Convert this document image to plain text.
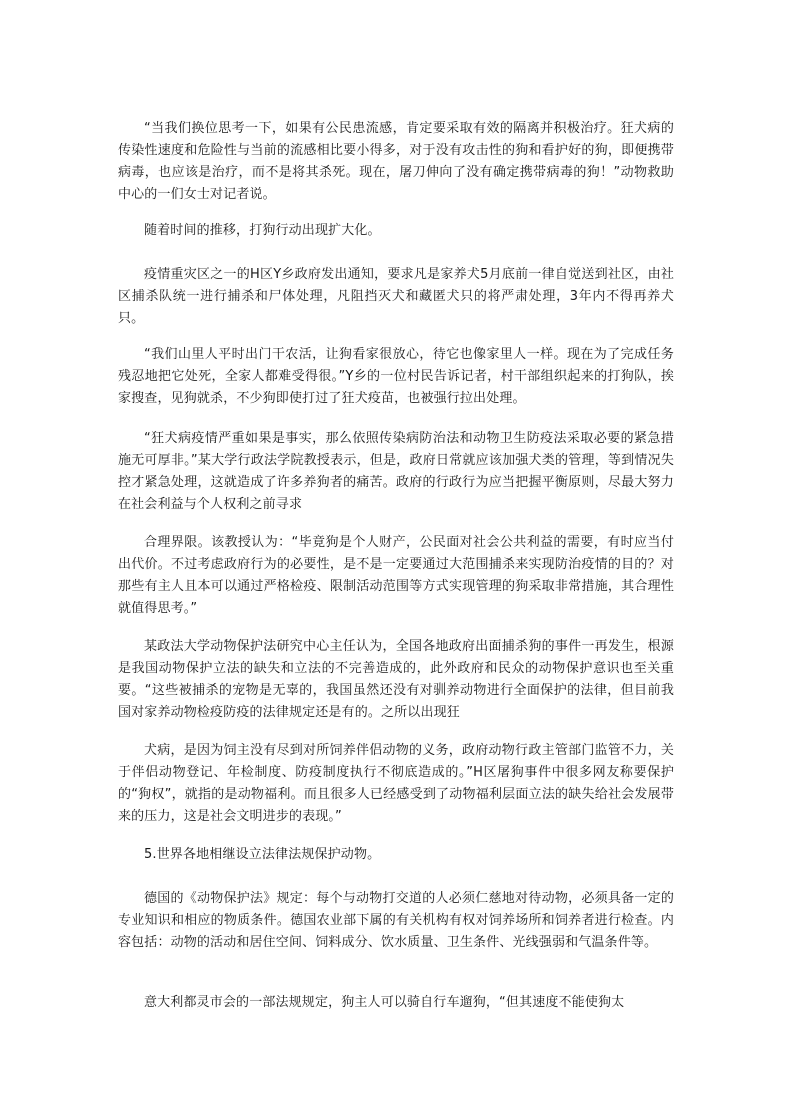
“当我们换位思考一下，如果有公民患流感，肯定要采取有效的隔离并积极治疗。狂犬病的传染性速度和危险性与当前的流感相比要小得多，对于没有攻击性的狗和看护好的狗，即便携带病毒，也应该是治疗，而不是将其杀死。现在，屠刀伸向了没有确定携带病毒的狗！”动物救助中心的一们女士对记者说。

随着时间的推移，打狗行动出现扩大化。

疫情重灾区之一的H区Y乡政府发出通知，要求凡是家养犬5月底前一律自觉送到社区，由社区捕杀队统一进行捕杀和尸体处理，凡阻挡灭犬和藏匿犬只的将严肃处理，3年内不得再养犬只。

“我们山里人平时出门干农活，让狗看家很放心，待它也像家里人一样。现在为了完成任务残忍地把它处死，全家人都难受得很。”Y乡的一位村民告诉记者，村干部组织起来的打狗队，挨家搜查，见狗就杀，不少狗即使打过了狂犬疫苗，也被强行拉出处理。

“狂犬病疫情严重如果是事实，那么依照传染病防治法和动物卫生防疫法采取必要的紧急措施无可厚非。”某大学行政法学院教授表示，但是，政府日常就应该加强犬类的管理，等到情况失控才紧急处理，这就造成了许多养狗者的痛苦。政府的行政行为应当把握平衡原则，尽最大努力在社会利益与个人权利之前寻求

合理界限。该教授认为：“毕竟狗是个人财产，公民面对社会公共利益的需要，有时应当付出代价。不过考虑政府行为的必要性，是不是一定要通过大范围捕杀来实现防治疫情的目的？对那些有主人且本可以通过严格检疫、限制活动范围等方式实现管理的狗采取非常措施，其合理性就值得思考。”

某政法大学动物保护法研究中心主任认为，全国各地政府出面捕杀狗的事件一再发生，根源是我国动物保护立法的缺失和立法的不完善造成的，此外政府和民众的动物保护意识也至关重要。“这些被捕杀的宠物是无辜的，我国虽然还没有对驯养动物进行全面保护的法律，但目前我国对家养动物检疫防疫的法律规定还是有的。之所以出现狂

犬病，是因为饲主没有尽到对所饲养伴侣动物的义务，政府动物行政主管部门监管不力，关于伴侣动物登记、年检制度、防疫制度执行不彻底造成的。”H区屠狗事件中很多网友称要保护的“狗权”，就指的是动物福利。而且很多人已经感受到了动物福利层面立法的缺失给社会发展带来的压力，这是社会文明进步的表现。”

5.世界各地相继设立法律法规保护动物。

德国的《动物保护法》规定：每个与动物打交道的人必须仁慈地对待动物，必须具备一定的专业知识和相应的物质条件。德国农业部下属的有关机构有权对饲养场所和饲养者进行检查。内容包括：动物的活动和居住空间、饲料成分、饮水质量、卫生条件、光线强弱和气温条件等。

意大利都灵市会的一部法规规定，狗主人可以骑自行车遛狗，“但其速度不能使狗太
